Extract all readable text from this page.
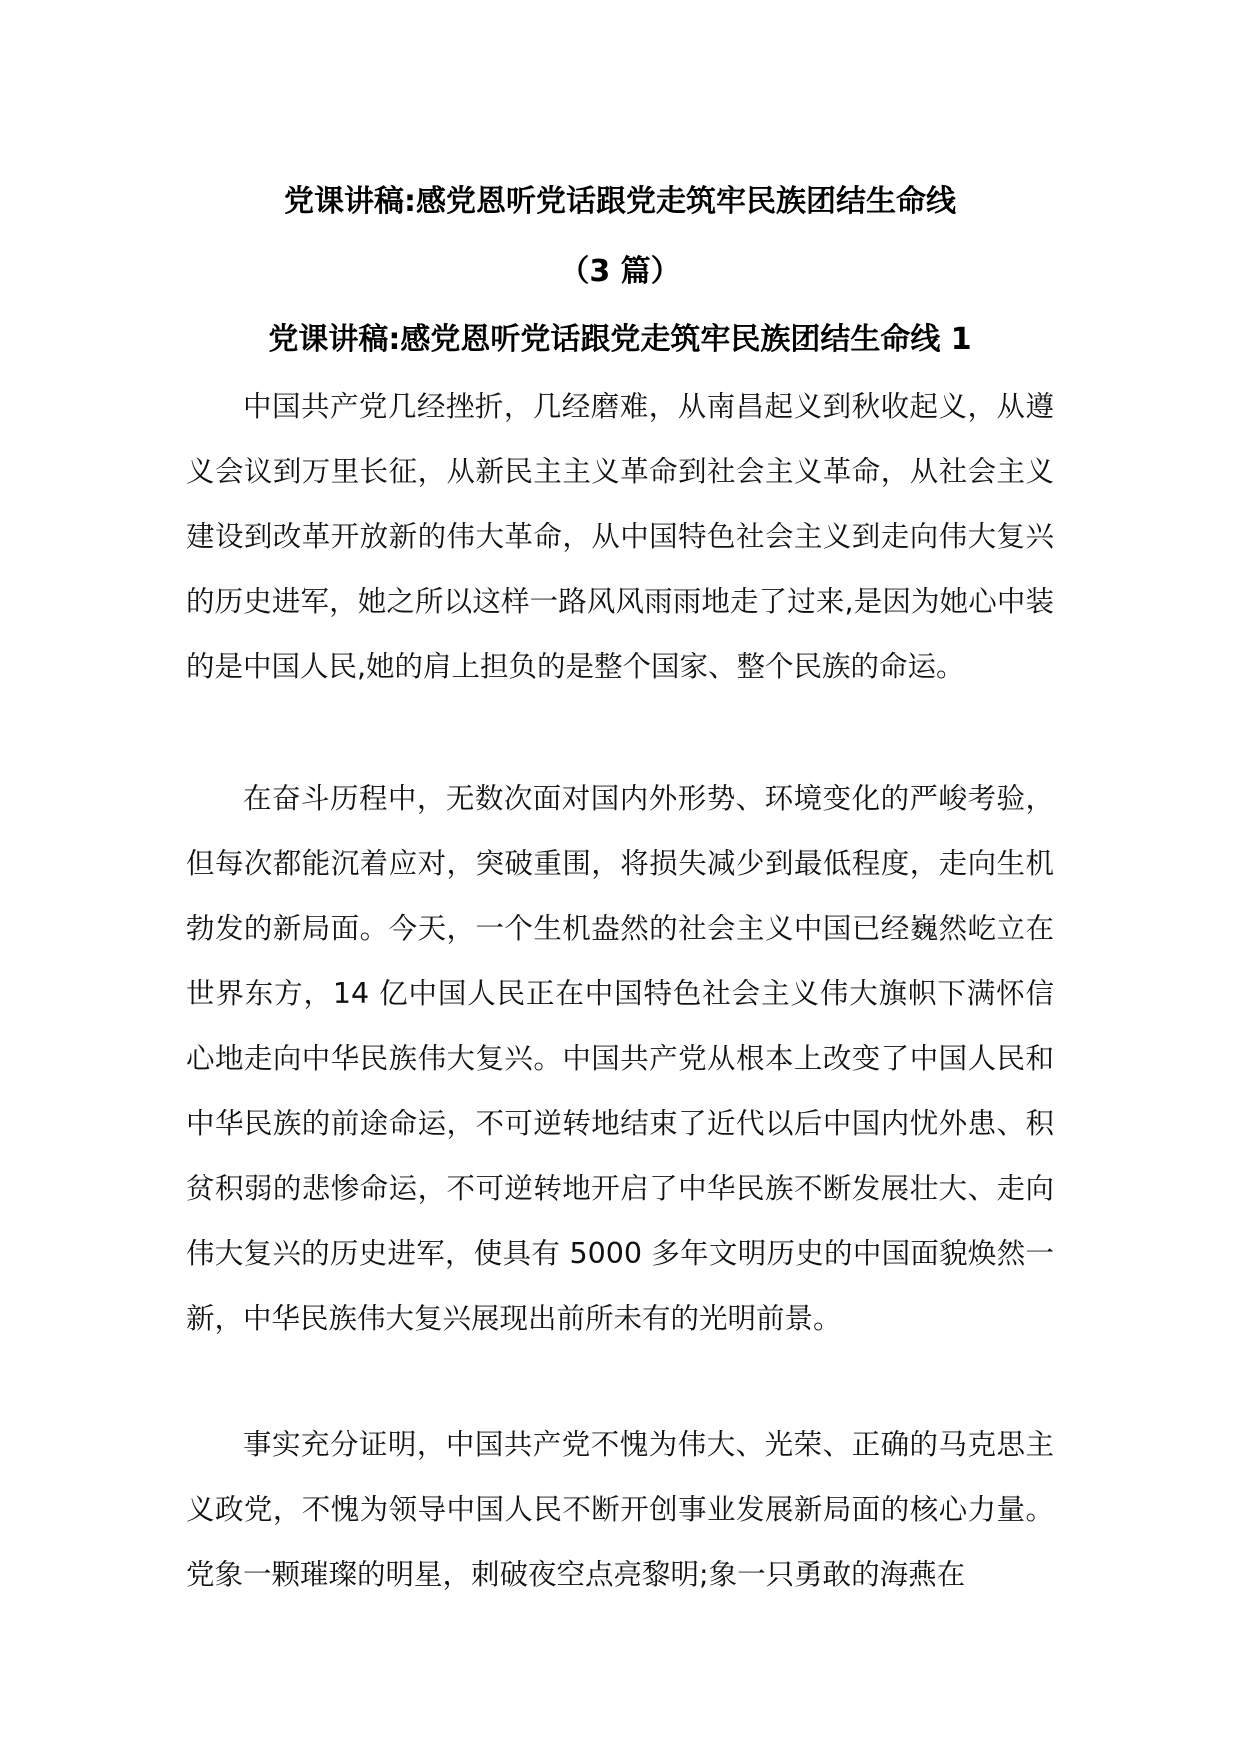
党课讲稿:感党恩听党话跟党走筑牢民族团结生命线
（3 篇）
党课讲稿:感党恩听党话跟党走筑牢民族团结生命线 1

中国共产党几经挫折，几经磨难，从南昌起义到秋收起义，从遵义会议到万里长征，从新民主主义革命到社会主义革命，从社会主义建设到改革开放新的伟大革命，从中国特色社会主义到走向伟大复兴的历史进军，她之所以这样一路风风雨雨地走了过来,是因为她心中装的是中国人民,她的肩上担负的是整个国家、整个民族的命运。

在奋斗历程中，无数次面对国内外形势、环境变化的严峻考验，但每次都能沉着应对，突破重围，将损失减少到最低程度，走向生机勃发的新局面。今天，一个生机盎然的社会主义中国已经巍然屹立在世界东方，14 亿中国人民正在中国特色社会主义伟大旗帜下满怀信心地走向中华民族伟大复兴。中国共产党从根本上改变了中国人民和中华民族的前途命运，不可逆转地结束了近代以后中国内忧外患、积贫积弱的悲惨命运，不可逆转地开启了中华民族不断发展壮大、走向伟大复兴的历史进军，使具有 5000 多年文明历史的中国面貌焕然一新，中华民族伟大复兴展现出前所未有的光明前景。

事实充分证明，中国共产党不愧为伟大、光荣、正确的马克思主义政党，不愧为领导中国人民不断开创事业发展新局面的核心力量。党象一颗璀璨的明星，刺破夜空点亮黎明;象一只勇敢的海燕在
